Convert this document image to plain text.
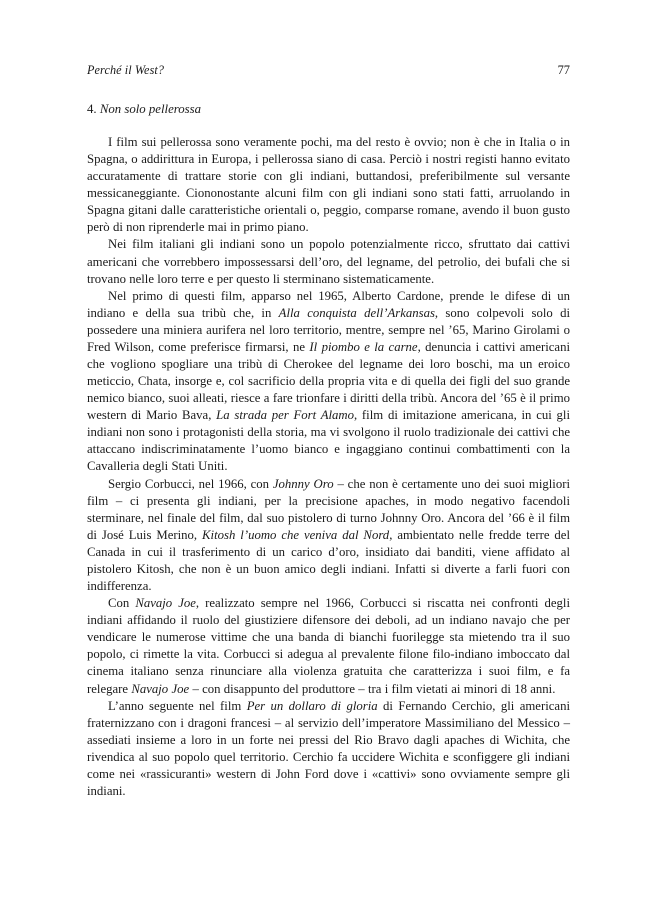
Perché il West?	77
4. Non solo pellerossa

I film sui pellerossa sono veramente pochi, ma del resto è ovvio; non è che in Italia o in Spagna, o addirittura in Europa, i pellerossa siano di casa. Perciò i nostri registi hanno evitato accuratamente di trattare storie con gli indiani, buttandosi, preferibilmente sul versante messicaneggiante. Ciononostante alcuni film con gli indiani sono stati fatti, arruolando in Spagna gitani dalle caratteristiche orientali o, peggio, comparse romane, avendo il buon gusto però di non riprenderle mai in primo piano.

Nei film italiani gli indiani sono un popolo potenzialmente ricco, sfruttato dai cattivi americani che vorrebbero impossessarsi dell’oro, del legname, del petrolio, dei bufali che si trovano nelle loro terre e per questo li sterminano sistematicamente.

Nel primo di questi film, apparso nel 1965, Alberto Cardone, prende le difese di un indiano e della sua tribù che, in Alla conquista dell’Arkansas, sono colpevoli solo di possedere una miniera aurifera nel loro territorio, mentre, sempre nel ’65, Marino Girolami o Fred Wilson, come preferisce firmarsi, ne Il piombo e la carne, denuncia i cattivi americani che vogliono spogliare una tribù di Cherokee del legname dei loro boschi, ma un eroico meticcio, Chata, insorge e, col sacrificio della propria vita e di quella dei figli del suo grande nemico bianco, suoi alleati, riesce a fare trionfare i diritti della tribù. Ancora del ’65 è il primo western di Mario Bava, La strada per Fort Alamo, film di imitazione americana, in cui gli indiani non sono i protagonisti della storia, ma vi svolgono il ruolo tradizionale dei cattivi che attaccano indiscriminatamente l’uomo bianco e ingaggiano continui combattimenti con la Cavalleria degli Stati Uniti.

Sergio Corbucci, nel 1966, con Johnny Oro – che non è certamente uno dei suoi migliori film – ci presenta gli indiani, per la precisione apaches, in modo negativo facendoli sterminare, nel finale del film, dal suo pistolero di turno Johnny Oro. Ancora del ’66 è il film di José Luis Merino, Kitosh l’uomo che veniva dal Nord, ambientato nelle fredde terre del Canada in cui il trasferimento di un carico d’oro, insidiato dai banditi, viene affidato al pistolero Kitosh, che non è un buon amico degli indiani. Infatti si diverte a farli fuori con indifferenza.

Con Navajo Joe, realizzato sempre nel 1966, Corbucci si riscatta nei confronti degli indiani affidando il ruolo del giustiziere difensore dei deboli, ad un indiano navajo che per vendicare le numerose vittime che una banda di bianchi fuorilegge sta mietendo tra il suo popolo, ci rimette la vita. Corbucci si adegua al prevalente filone filo-indiano imboccato dal cinema italiano senza rinunciare alla violenza gratuita che caratterizza i suoi film, e fa relegare Navajo Joe – con disappunto del produttore – tra i film vietati ai minori di 18 anni.

L’anno seguente nel film Per un dollaro di gloria di Fernando Cerchio, gli americani fraternizzano con i dragoni francesi – al servizio dell’imperatore Massimiliano del Messico – assediati insieme a loro in un forte nei pressi del Rio Bravo dagli apaches di Wichita, che rivendica al suo popolo quel territorio. Cerchio fa uccidere Wichita e sconfiggere gli indiani come nei «rassicuranti» western di John Ford dove i «cattivi» sono ovviamente sempre gli indiani.
